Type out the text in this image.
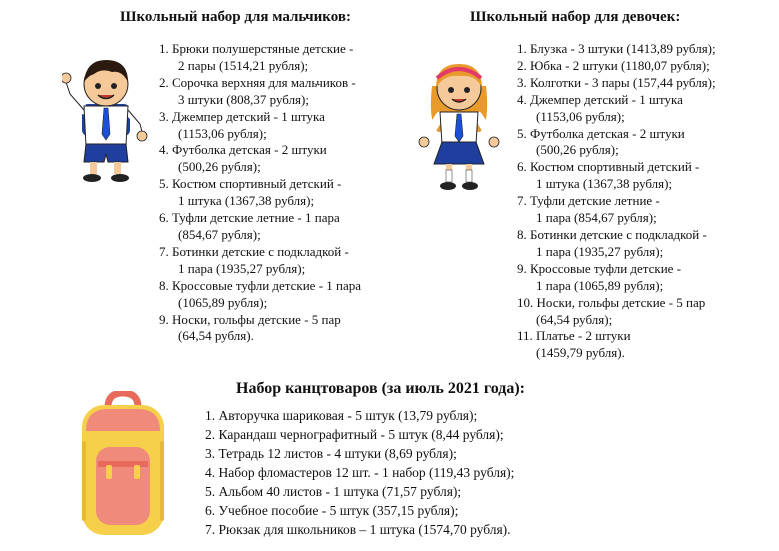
Школьный набор для мальчиков:
1. Брюки полушерстяные детские -
2 пары (1514,21 рубля);
2. Сорочка верхняя для мальчиков -
3 штуки (808,37 рубля);
3. Джемпер детский - 1 штука
(1153,06 рубля);
4. Футболка детская - 2 штуки
(500,26 рубля);
5. Костюм спортивный детский -
1 штука (1367,38 рубля);
6. Туфли детские летние - 1 пара
(854,67 рубля);
7. Ботинки детские с подкладкой -
1 пара (1935,27 рубля);
8. Кроссовые туфли детские - 1 пара
(1065,89 рубля);
9. Носки, гольфы детские - 5 пар
(64,54 рубля).
Школьный набор для девочек:
1. Блузка - 3 штуки (1413,89 рубля);
2. Юбка - 2 штуки (1180,07 рубля);
3. Колготки - 3 пары (157,44 рубля);
4. Джемпер детский - 1 штука
(1153,06 рубля);
5. Футболка детская - 2 штуки
(500,26 рубля);
6. Костюм спортивный детский -
1 штука (1367,38 рубля);
7. Туфли детские летние -
1 пара (854,67 рубля);
8. Ботинки детские с подкладкой -
1 пара (1935,27 рубля);
9. Кроссовые туфли детские -
1 пара (1065,89 рубля);
10. Носки, гольфы детские - 5 пар
(64,54 рубля);
11. Платье - 2 штуки
(1459,79 рубля).
Набор канцтоваров (за июль 2021 года):
1. Авторучка шариковая - 5 штук (13,79 рубля);
2. Карандаш чернографитный - 5 штук (8,44 рубля);
3. Тетрадь 12 листов - 4 штуки (8,69 рубля);
4. Набор фломастеров 12 шт. - 1 набор (119,43 рубля);
5. Альбом 40 листов - 1 штука (71,57 рубля);
6. Учебное пособие - 5 штук (357,15 рубля);
7. Рюкзак для школьников – 1 штука (1574,70 рубля).
